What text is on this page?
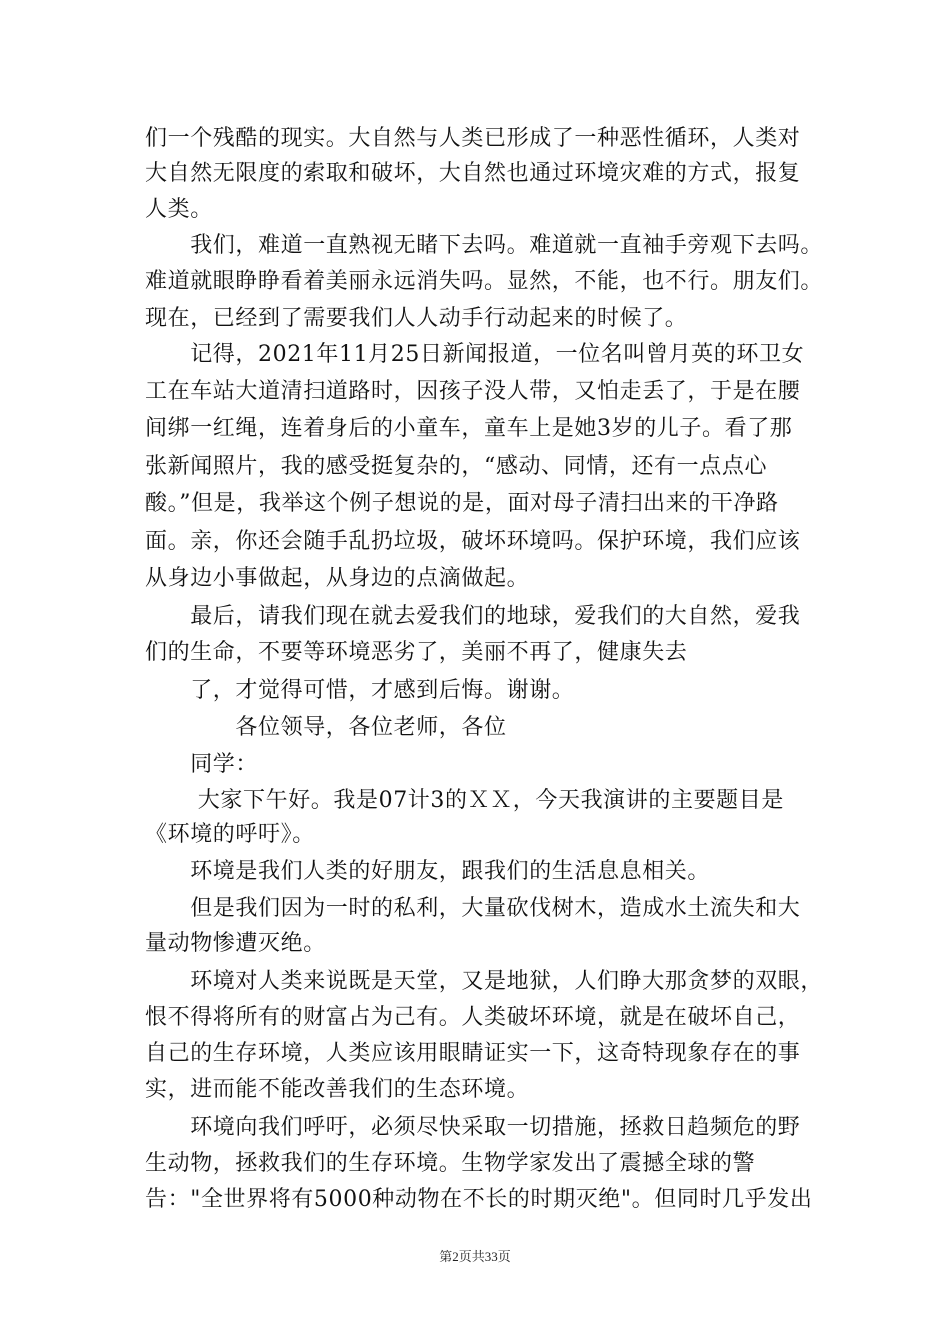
们一个残酷的现实。大自然与人类已形成了一种恶性循环，人类对
大自然无限度的索取和破坏，大自然也通过环境灾难的方式，报复
人类。
　　我们，难道一直熟视无睹下去吗。难道就一直袖手旁观下去吗。
难道就眼睁睁看着美丽永远消失吗。显然，不能，也不行。朋友们。
现在，已经到了需要我们人人动手行动起来的时候了。
　　记得，2021年11月25日新闻报道，一位名叫曾月英的环卫女
工在车站大道清扫道路时，因孩子没人带，又怕走丢了，于是在腰
间绑一红绳，连着身后的小童车，童车上是她3岁的儿子。看了那
张新闻照片，我的感受挺复杂的，“感动、同情，还有一点点心
酸。”但是，我举这个例子想说的是，面对母子清扫出来的干净路
面。亲，你还会随手乱扔垃圾，破坏环境吗。保护环境，我们应该
从身边小事做起，从身边的点滴做起。
　　最后，请我们现在就去爱我们的地球，爱我们的大自然，爱我
们的生命，不要等环境恶劣了，美丽不再了，健康失去
　　了，才觉得可惜，才感到后悔。谢谢。
　　　　各位领导，各位老师，各位
　　同学：
　　 大家下午好。我是07计3的ＸＸ，今天我演讲的主要题目是
《环境的呼吁》。
　　环境是我们人类的好朋友，跟我们的生活息息相关。
　　但是我们因为一时的私利，大量砍伐树木，造成水土流失和大
量动物惨遭灭绝。
　　环境对人类来说既是天堂，又是地狱，人们睁大那贪梦的双眼，
恨不得将所有的财富占为己有。人类破坏环境，就是在破坏自己，
自己的生存环境，人类应该用眼睛证实一下，这奇特现象存在的事
实，进而能不能改善我们的生态环境。
　　环境向我们呼吁，必须尽快采取一切措施，拯救日趋频危的野
生动物，拯救我们的生存环境。生物学家发出了震撼全球的警
告："全世界将有5000种动物在不长的时期灭绝"。但同时几乎发出
第2页共33页
